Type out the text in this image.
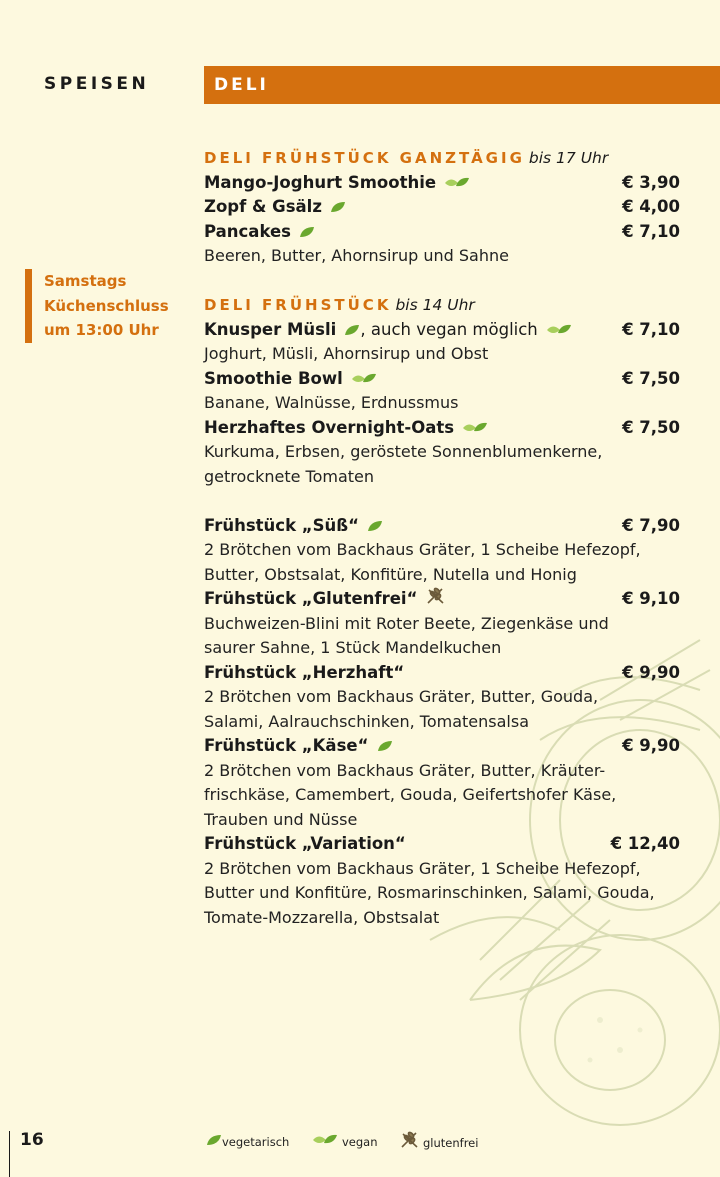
SPEISEN	DELI
Samstags
Küchenschluss
um 13:00 Uhr
DELI FRÜHSTÜCK GANZTÄGIG bis 17 Uhr
Mango-Joghurt Smoothie	€ 3,90
Zopf & Gsälz	€ 4,00
Pancakes	€ 7,10
Beeren, Butter, Ahornsirup und Sahne
DELI FRÜHSTÜCK bis 14 Uhr
Knusper Müsli , auch vegan möglich	€ 7,10
Joghurt, Müsli, Ahornsirup und Obst
Smoothie Bowl	€ 7,50
Banane, Walnüsse, Erdnussmus
Herzhaftes Overnight-Oats	€ 7,50
Kurkuma, Erbsen, geröstete Sonnenblumenkerne,
getrocknete Tomaten
Frühstück „Süß“	€ 7,90
2 Brötchen vom Backhaus Gräter, 1 Scheibe Hefezopf,
Butter, Obstsalat, Konfitüre, Nutella und Honig
Frühstück „Glutenfrei“	€ 9,10
Buchweizen-Blini mit Roter Beete, Ziegenkäse und
saurer Sahne, 1 Stück Mandelkuchen
Frühstück „Herzhaft“	€ 9,90
2 Brötchen vom Backhaus Gräter, Butter, Gouda,
Salami, Aalrauchschinken, Tomatensalsa
Frühstück „Käse“	€ 9,90
2 Brötchen vom Backhaus Gräter, Butter, Kräuter-
frischkäse, Camembert, Gouda, Geifertshofer Käse,
Trauben und Nüsse
Frühstück „Variation“	€ 12,40
2 Brötchen vom Backhaus Gräter, 1 Scheibe Hefezopf,
Butter und Konfitüre, Rosmarinschinken, Salami, Gouda,
Tomate-Mozzarella, Obstsalat
16	vegetarisch	vegan	glutenfrei
